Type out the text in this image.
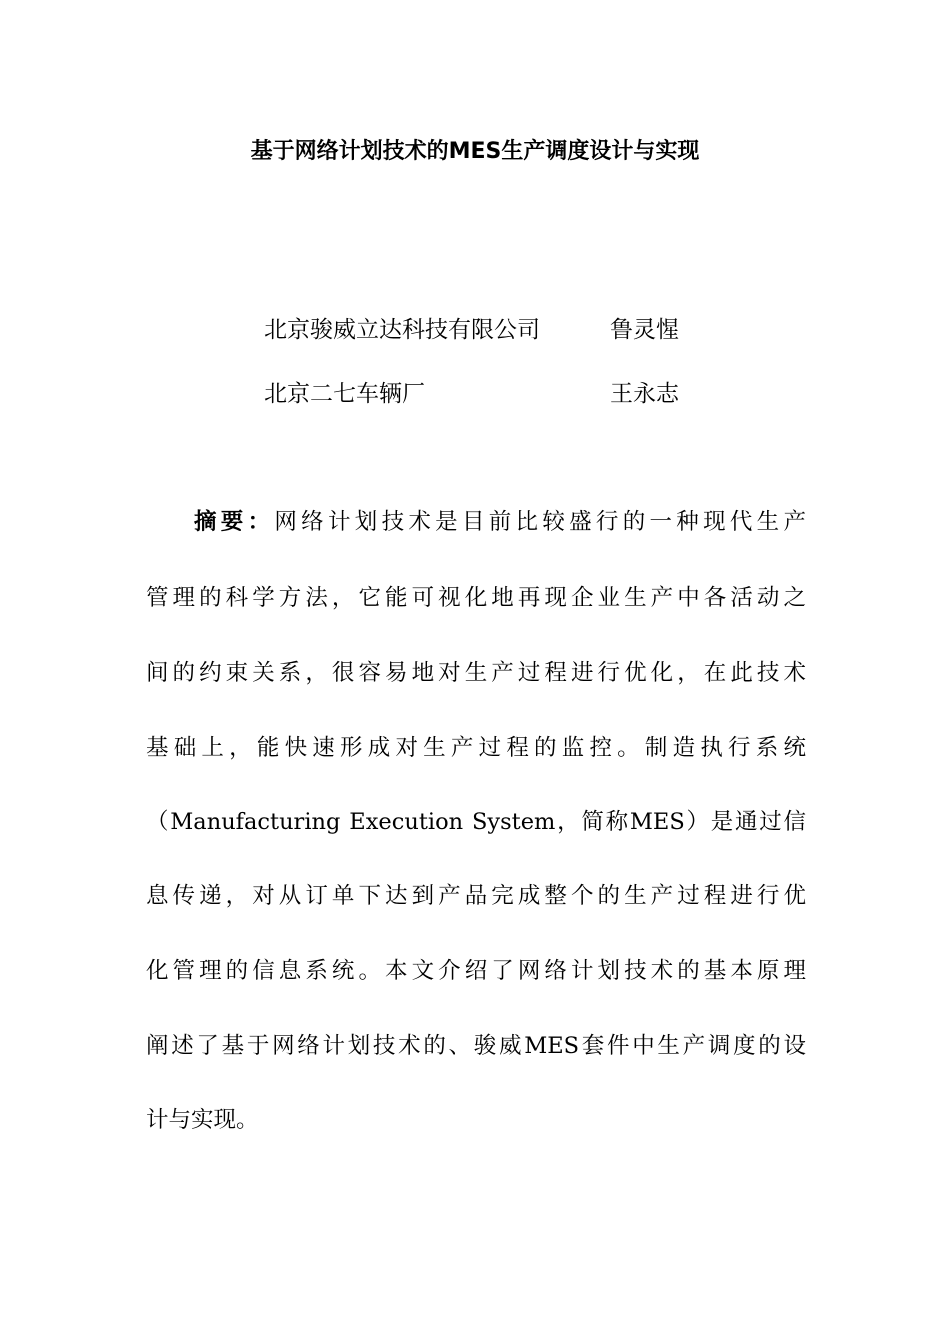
基于网络计划技术的MES生产调度设计与实现
北京骏威立达科技有限公司	鲁灵惺
北京二七车辆厂	王永志
摘要：网络计划技术是目前比较盛行的一种现代生产
管理的科学方法，它能可视化地再现企业生产中各活动之
间的约束关系，很容易地对生产过程进行优化，在此技术
基础上，能快速形成对生产过程的监控。制造执行系统
（Manufacturing Execution System，简称MES）是通过信
息传递，对从订单下达到产品完成整个的生产过程进行优
化管理的信息系统。本文介绍了网络计划技术的基本原理
阐述了基于网络计划技术的、骏威MES套件中生产调度的设
计与实现。
